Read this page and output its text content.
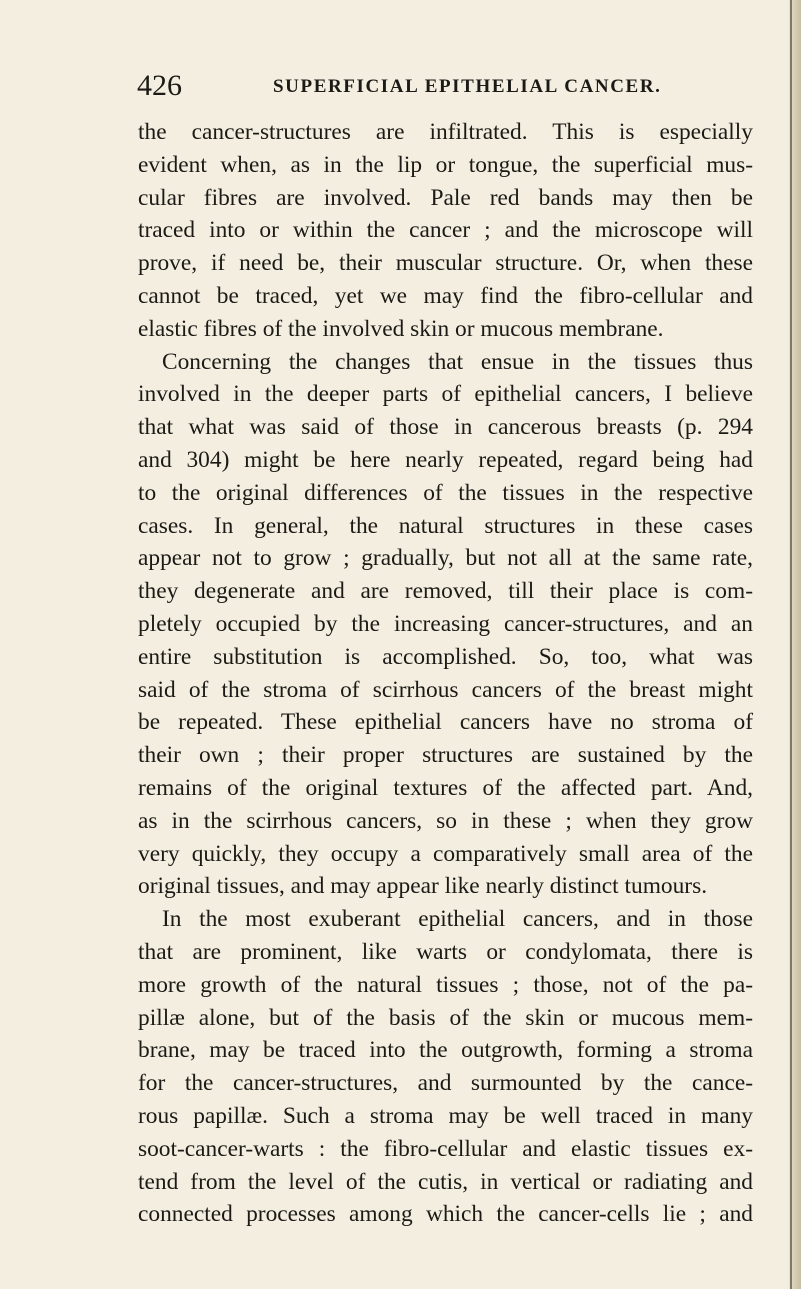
426	SUPERFICIAL EPITHELIAL CANCER.
the cancer-structures are infiltrated. This is especially
evident when, as in the lip or tongue, the superficial mus-
cular fibres are involved. Pale red bands may then be
traced into or within the cancer ; and the microscope will
prove, if need be, their muscular structure. Or, when these
cannot be traced, yet we may find the fibro-cellular and
elastic fibres of the involved skin or mucous membrane.
Concerning the changes that ensue in the tissues thus
involved in the deeper parts of epithelial cancers, I believe
that what was said of those in cancerous breasts (p. 294
and 304) might be here nearly repeated, regard being had
to the original differences of the tissues in the respective
cases. In general, the natural structures in these cases
appear not to grow ; gradually, but not all at the same rate,
they degenerate and are removed, till their place is com-
pletely occupied by the increasing cancer-structures, and an
entire substitution is accomplished. So, too, what was
said of the stroma of scirrhous cancers of the breast might
be repeated. These epithelial cancers have no stroma of
their own ; their proper structures are sustained by the
remains of the original textures of the affected part. And,
as in the scirrhous cancers, so in these ; when they grow
very quickly, they occupy a comparatively small area of the
original tissues, and may appear like nearly distinct tumours.
In the most exuberant epithelial cancers, and in those
that are prominent, like warts or condylomata, there is
more growth of the natural tissues ; those, not of the pa-
pillæ alone, but of the basis of the skin or mucous mem-
brane, may be traced into the outgrowth, forming a stroma
for the cancer-structures, and surmounted by the cance-
rous papillæ. Such a stroma may be well traced in many
soot-cancer-warts : the fibro-cellular and elastic tissues ex-
tend from the level of the cutis, in vertical or radiating and
connected processes among which the cancer-cells lie ; and
